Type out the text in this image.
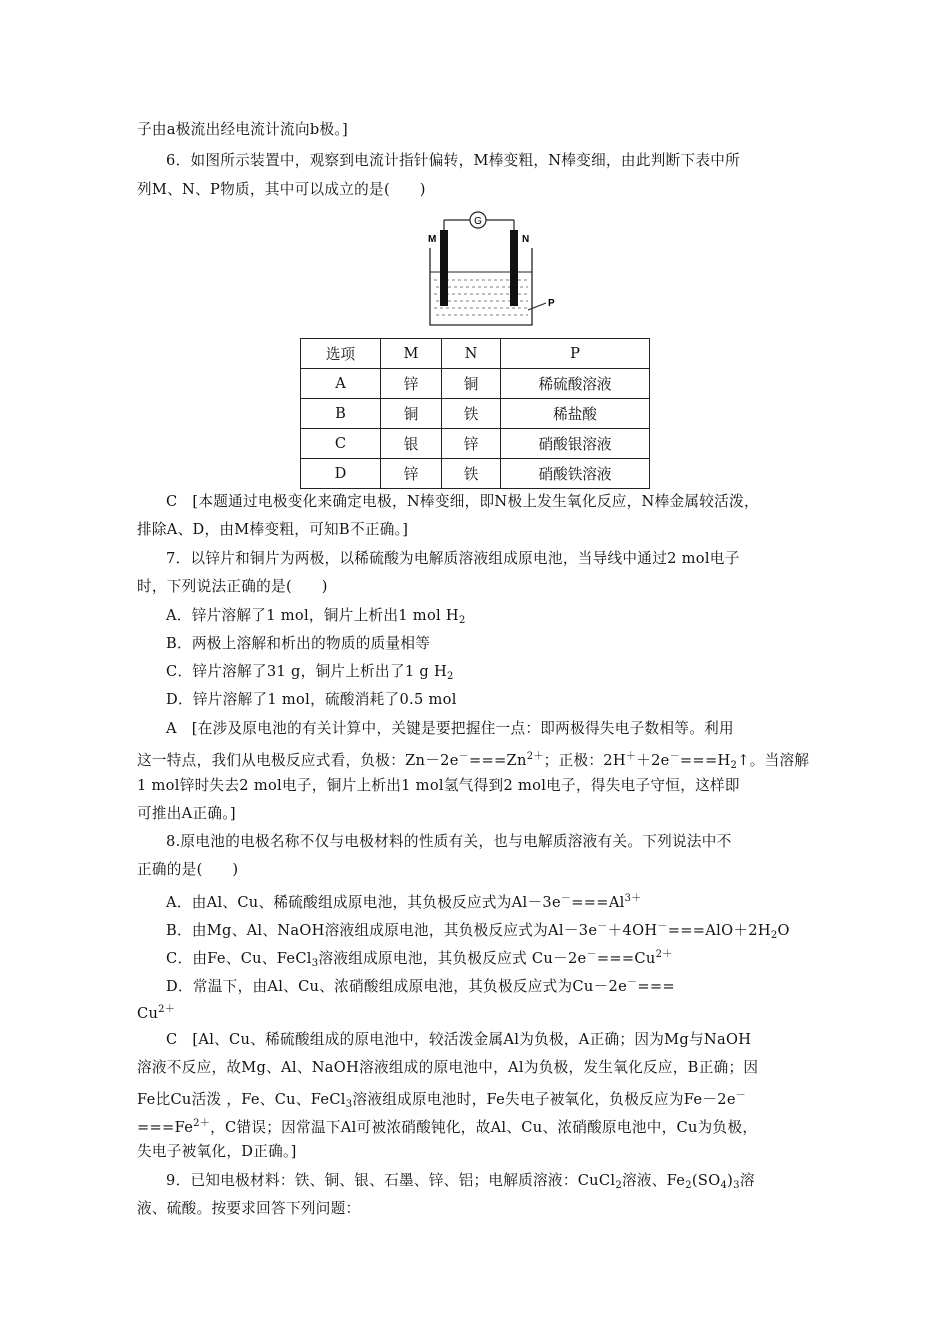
子由a极流出经电流计流向b极。]
6．如图所示装置中，观察到电流计指针偏转，M棒变粗，N棒变细，由此判断下表中所
列M、N、P物质，其中可以成立的是(　　)
G
M	N
P
选项	M	N	P
A	锌	铜	稀硫酸溶液
B	铜	铁	稀盐酸
C	银	锌	硝酸银溶液
D	锌	铁	硝酸铁溶液
C　[本题通过电极变化来确定电极，N棒变细，即N极上发生氧化反应，N棒金属较活泼，
排除A、D，由M棒变粗，可知B不正确。]
7．以锌片和铜片为两极，以稀硫酸为电解质溶液组成原电池，当导线中通过2 mol电子
时，下列说法正确的是(　　)
A．锌片溶解了1 mol，铜片上析出1 mol $H_2$
B．两极上溶解和析出的物质的质量相等
C．锌片溶解了31 g，铜片上析出了1 g $H_2$
D．锌片溶解了1 mol，硫酸消耗了0.5 mol
A　[在涉及原电池的有关计算中，关键是要把握住一点：即两极得失电子数相等。利用
这一特点，我们从电极反应式看，负极：$Zn-2e^-===Zn^{2+}$；正极：$2H^++2e^-===H_2↑$。当溶解
1 mol锌时失去2 mol电子，铜片上析出1 mol氢气得到2 mol电子，得失电子守恒，这样即
可推出A正确。]
8.原电池的电极名称不仅与电极材料的性质有关，也与电解质溶液有关。下列说法中不
正确的是(　　)
A．由Al、Cu、稀硫酸组成原电池，其负极反应式为$Al-3e^-===Al^{3+}$
B．由Mg、Al、NaOH溶液组成原电池，其负极反应式为$Al-3e^-+4OH^-===AlO+2H_2O$
C．由Fe、Cu、FeCl$_3$溶液组成原电池，其负极反应式 $Cu-2e^-===Cu^{2+}$
D．常温下，由Al、Cu、浓硝酸组成原电池，其负极反应式为Cu－2e－===
$Cu^{2+}$
C　[Al、Cu、稀硫酸组成的原电池中，较活泼金属Al为负极，A正确；因为Mg与NaOH
溶液不反应，故Mg、Al、NaOH溶液组成的原电池中，Al为负极，发生氧化反应，B正确；因
Fe比Cu活泼 ，Fe、Cu、FeCl$_3$溶液组成原电池时，Fe失电子被氧化，负极反应为Fe－2e－
$===Fe^{2+}$，C错误；因常温下Al可被浓硝酸钝化，故Al、Cu、浓硝酸原电池中，Cu为负极，
失电子被氧化，D正确。]
9．已知电极材料：铁、铜、银、石墨、锌、铝；电解质溶液：CuCl$_2$溶液、$Fe_2(SO_4)_3$溶
液、硫酸。按要求回答下列问题：
